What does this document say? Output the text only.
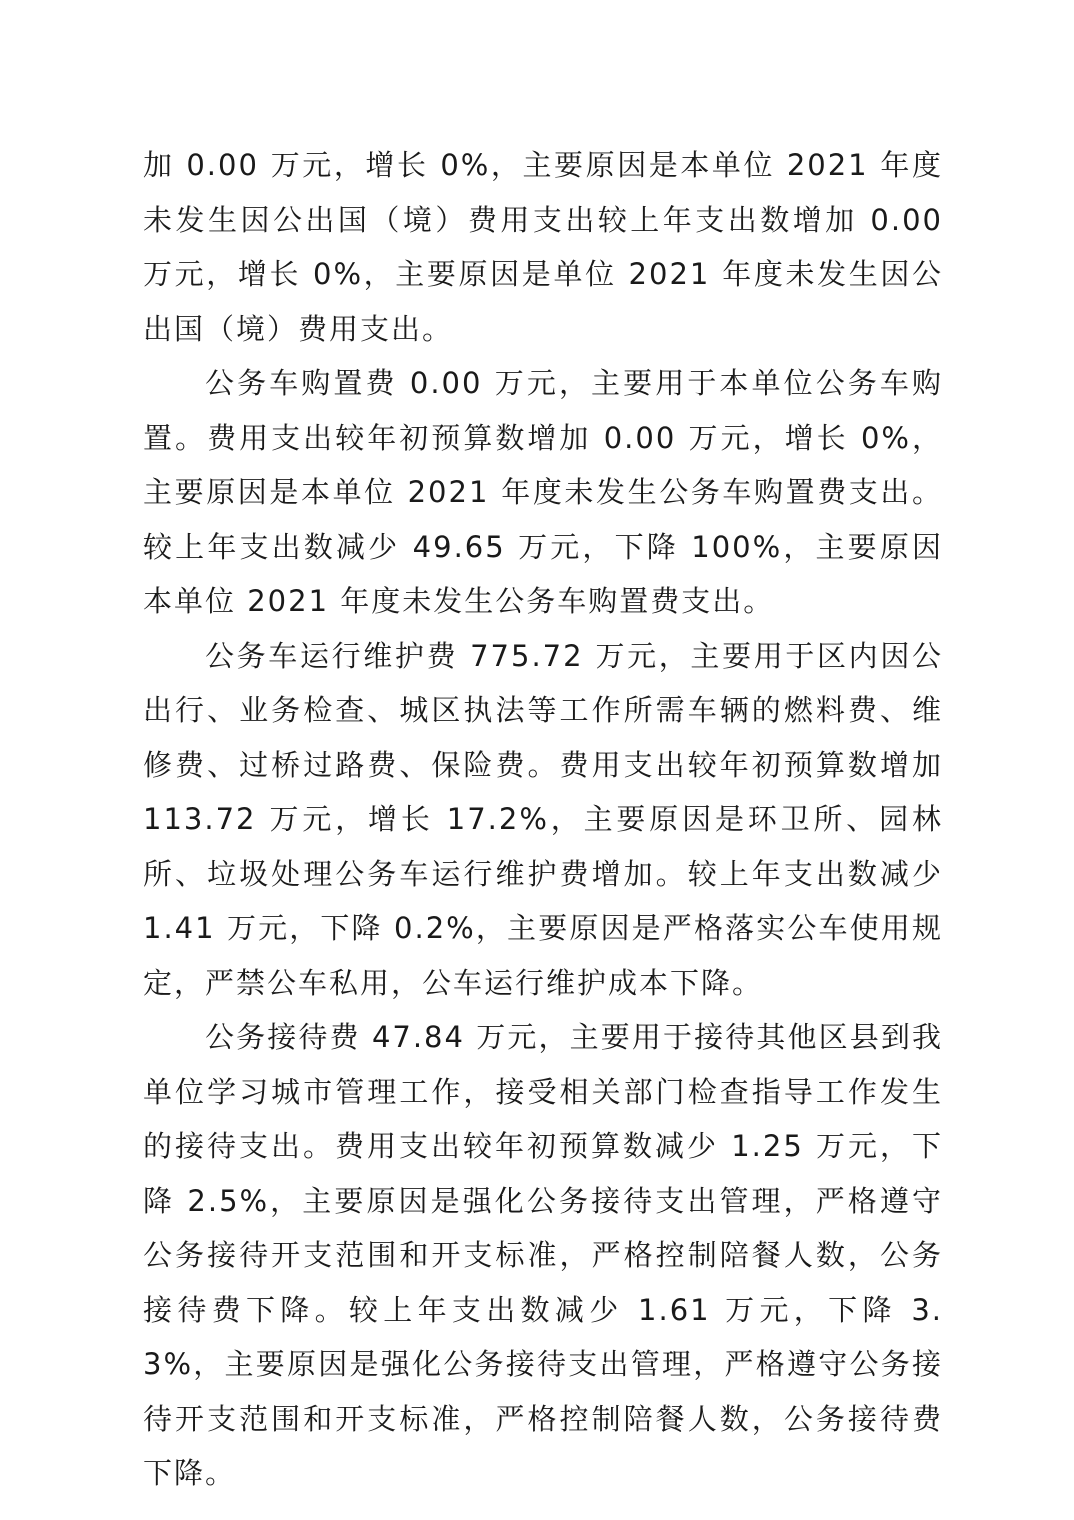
加 0.00 万元，增长 0%，主要原因是本单位 2021 年度未发生因公出国（境）费用支出较上年支出数增加 0.00 万元，增长 0%，主要原因是单位 2021 年度未发生因公出国（境）费用支出。

公务车购置费 0.00 万元，主要用于本单位公务车购置。费用支出较年初预算数增加 0.00 万元，增长 0%，主要原因是本单位 2021 年度未发生公务车购置费支出。较上年支出数减少 49.65 万元，下降 100%，主要原因本单位 2021 年度未发生公务车购置费支出。

公务车运行维护费 775.72 万元，主要用于区内因公出行、业务检查、城区执法等工作所需车辆的燃料费、维修费、过桥过路费、保险费。费用支出较年初预算数增加 113.72 万元，增长 17.2%，主要原因是环卫所、园林所、垃圾处理公务车运行维护费增加。较上年支出数减少 1.41 万元，下降 0.2%，主要原因是严格落实公车使用规定，严禁公车私用，公车运行维护成本下降。

公务接待费 47.84 万元，主要用于接待其他区县到我单位学习城市管理工作，接受相关部门检查指导工作发生的接待支出。费用支出较年初预算数减少 1.25 万元，下降 2.5%，主要原因是强化公务接待支出管理，严格遵守公务接待开支范围和开支标准，严格控制陪餐人数，公务接待费下降。较上年支出数减少 1.61 万元，下降 3.3%，主要原因是强化公务接待支出管理，严格遵守公务接待开支范围和开支标准，严格控制陪餐人数，公务接待费下降。
